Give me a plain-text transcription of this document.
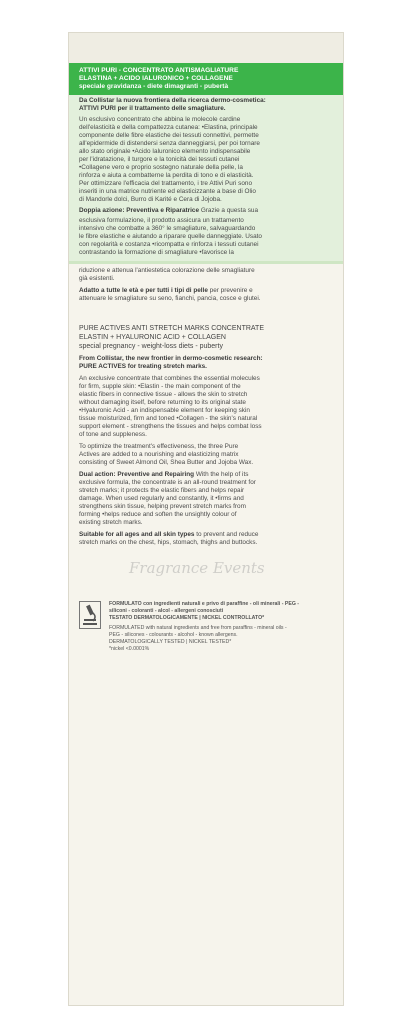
ATTIVI PURI - CONCENTRATO ANTISMAGLIATURE

ELASTINA + ACIDO IALURONICO + COLLAGENE

speciale gravidanza - diete dimagranti - pubertà

Da Collistar la nuova frontiera della ricerca dermo-cosmetica:

ATTIVI PURI per il trattamento delle smagliature.

Un esclusivo concentrato che abbina le molecole cardine

dell'elasticità e della compattezza cutanea: •Elastina, principale

componente delle fibre elastiche dei tessuti connettivi, permette

all'epidermide di distendersi senza danneggiarsi, per poi tornare

allo stato originale •Acido Ialuronico elemento indispensabile

per l'idratazione, il turgore e la tonicità dei tessuti cutanei

•Collagene vero e proprio sostegno naturale della pelle, la

rinforza e aiuta a combatterne la perdita di tono e di elasticità.

Per ottimizzare l'efficacia del trattamento, i tre Attivi Puri sono

inseriti in una matrice nutriente ed elasticizzante a base di Olio

di Mandorle dolci, Burro di Karité e Cera di Jojoba.

Doppia azione: Preventiva e Riparatrice Grazie a questa sua

esclusiva formulazione, il prodotto assicura un trattamento

intensivo che combatte a 360° le smagliature, salvaguardando

le fibre elastiche e aiutando a riparare quelle danneggiate. Usato

con regolarità e costanza •ricompatta e rinforza i tessuti cutanei

contrastando la formazione di smagliature •favorisce la

riduzione e attenua l'antiestetica colorazione delle smagliature

già esistenti.

Adatto a tutte le età e per tutti i tipi di pelle per prevenire e

attenuare le smagliature su seno, fianchi, pancia, cosce e glutei.

PURE ACTIVES ANTI STRETCH MARKS CONCENTRATE

ELASTIN + HYALURONIC ACID + COLLAGEN

special pregnancy - weight-loss diets - puberty

From Collistar, the new frontier in dermo-cosmetic research:

PURE ACTIVES for treating stretch marks.

An exclusive concentrate that combines the essential molecules

for firm, supple skin: •Elastin - the main component of the

elastic fibers in connective tissue - allows the skin to stretch

without damaging itself, before returning to its original state

•Hyaluronic Acid - an indispensable element for keeping skin

tissue moisturized, firm and toned •Collagen - the skin's natural

support element - strengthens the tissues and helps combat loss

of tone and suppleness.

To optimize the treatment's effectiveness, the three Pure

Actives are added to a nourishing and elasticizing matrix

consisting of Sweet Almond Oil, Shea Butter and Jojoba Wax.

Dual action: Preventive and Repairing With the help of its

exclusive formula, the concentrate is an all-round treatment for

stretch marks; it protects the elastic fibers and helps repair

damage. When used regularly and constantly, it •firms and

strengthens skin tissue, helping prevent stretch marks from

forming •helps reduce and soften the unsightly colour of

existing stretch marks.

Suitable for all ages and all skin types to prevent and reduce

stretch marks on the chest, hips, stomach, thighs and buttocks.

Fragrance Events

FORMULATO con ingredienti naturali e privo di paraffine - oli minerali - PEG -

siliconi - coloranti - alcol - allergeni conosciuti

TESTATO DERMATOLOGICAMENTE | NICKEL CONTROLLATO*

FORMULATED with natural ingredients and free from paraffins - mineral oils -

PEG - silicones - colourants - alcohol - known allergens.

DERMATOLOGICALLY TESTED | NICKEL TESTED*

*nickel <0.0001%
